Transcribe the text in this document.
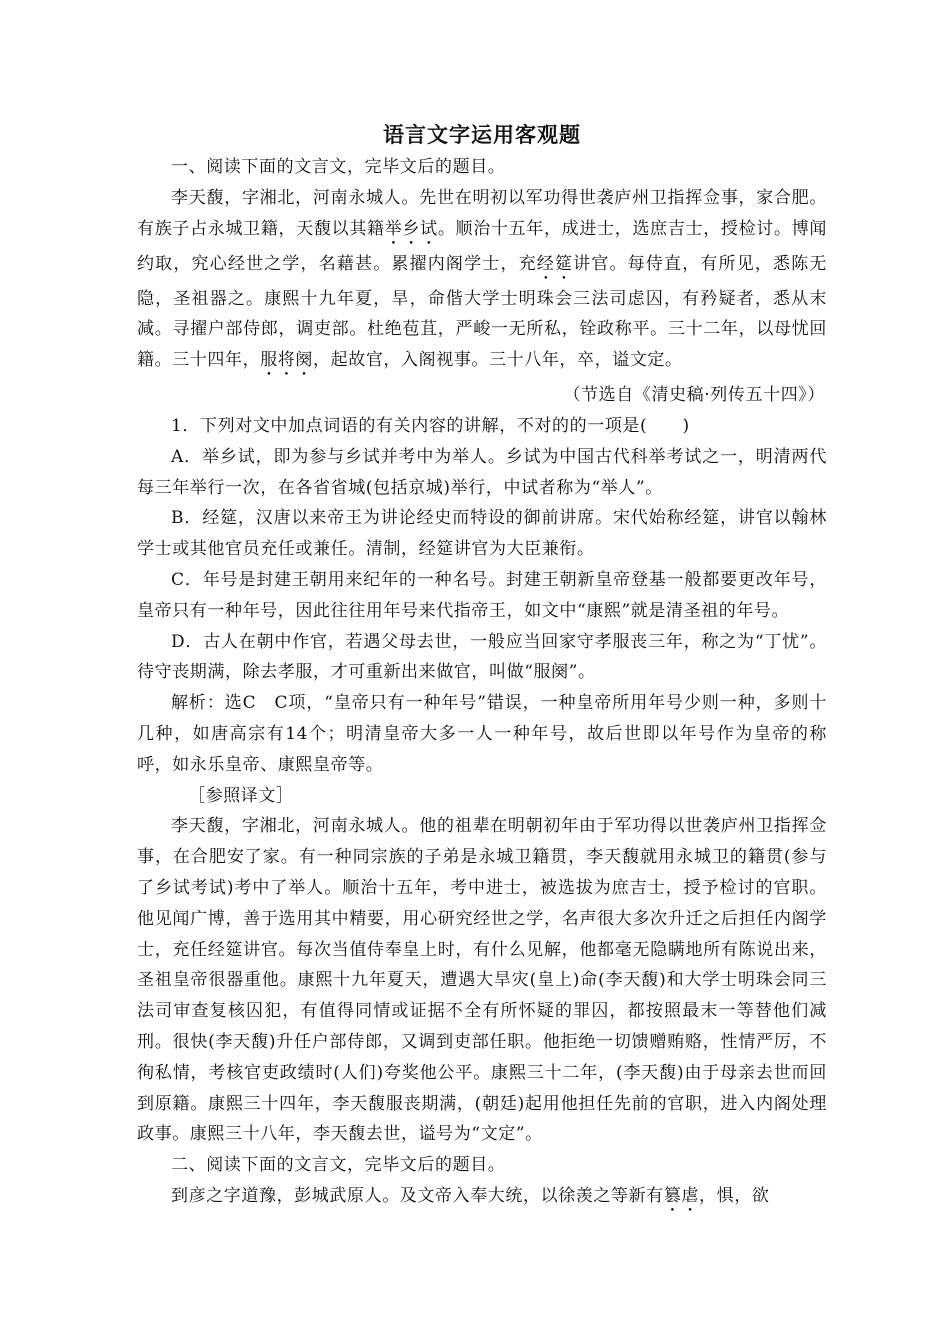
语言文字运用客观题

一、阅读下面的文言文，完毕文后的题目。

李天馥，字湘北，河南永城人。先世在明初以军功得世袭庐州卫指挥佥事，家合肥。有族子占永城卫籍，天馥以其籍举乡试。顺治十五年，成进士，选庶吉士，授检讨。博闻约取，究心经世之学，名藉甚。累擢内阁学士，充经筵讲官。每侍直，有所见，悉陈无隐，圣祖器之。康熙十九年夏，旱，命偕大学士明珠会三法司虑囚，有矜疑者，悉从末减。寻擢户部侍郎，调吏部。杜绝苞苴，严峻一无所私，铨政称平。三十二年，以母忧回籍。三十四年，服将阕，起故官，入阁视事。三十八年，卒，谥文定。

（节选自《清史稿·列传五十四》）

1．下列对文中加点词语的有关内容的讲解，不对的的一项是(　　)

A．举乡试，即为参与乡试并考中为举人。乡试为中国古代科举考试之一，明清两代每三年举行一次，在各省省城(包括京城)举行，中试者称为“举人”。

B．经筵，汉唐以来帝王为讲论经史而特设的御前讲席。宋代始称经筵，讲官以翰林学士或其他官员充任或兼任。清制，经筵讲官为大臣兼衔。

C．年号是封建王朝用来纪年的一种名号。封建王朝新皇帝登基一般都要更改年号，皇帝只有一种年号，因此往往用年号来代指帝王，如文中“康熙”就是清圣祖的年号。

D．古人在朝中作官，若遇父母去世，一般应当回家守孝服丧三年，称之为“丁忧”。待守丧期满，除去孝服，才可重新出来做官，叫做“服阕”。

解析：选C　C项，“皇帝只有一种年号”错误，一种皇帝所用年号少则一种，多则十几种，如唐高宗有14个；明清皇帝大多一人一种年号，故后世即以年号作为皇帝的称呼，如永乐皇帝、康熙皇帝等。

［参照译文］

李天馥，字湘北，河南永城人。他的祖辈在明朝初年由于军功得以世袭庐州卫指挥佥事，在合肥安了家。有一种同宗族的子弟是永城卫籍贯，李天馥就用永城卫的籍贯(参与了乡试考试)考中了举人。顺治十五年，考中进士，被选拔为庶吉士，授予检讨的官职。他见闻广博，善于选用其中精要，用心研究经世之学，名声很大多次升迁之后担任内阁学士，充任经筵讲官。每次当值侍奉皇上时，有什么见解，他都毫无隐瞒地所有陈说出来，圣祖皇帝很器重他。康熙十九年夏天，遭遇大旱灾(皇上)命(李天馥)和大学士明珠会同三法司审查复核囚犯，有值得同情或证据不全有所怀疑的罪囚，都按照最末一等替他们减刑。很快(李天馥)升任户部侍郎，又调到吏部任职。他拒绝一切馈赠贿赂，性情严厉，不徇私情，考核官吏政绩时(人们)夸奖他公平。康熙三十二年，(李天馥)由于母亲去世而回到原籍。康熙三十四年，李天馥服丧期满，(朝廷)起用他担任先前的官职，进入内阁处理政事。康熙三十八年，李天馥去世，谥号为“文定”。

二、阅读下面的文言文，完毕文后的题目。

到彦之字道豫，彭城武原人。及文帝入奉大统，以徐羡之等新有篡虐，惧，欲
